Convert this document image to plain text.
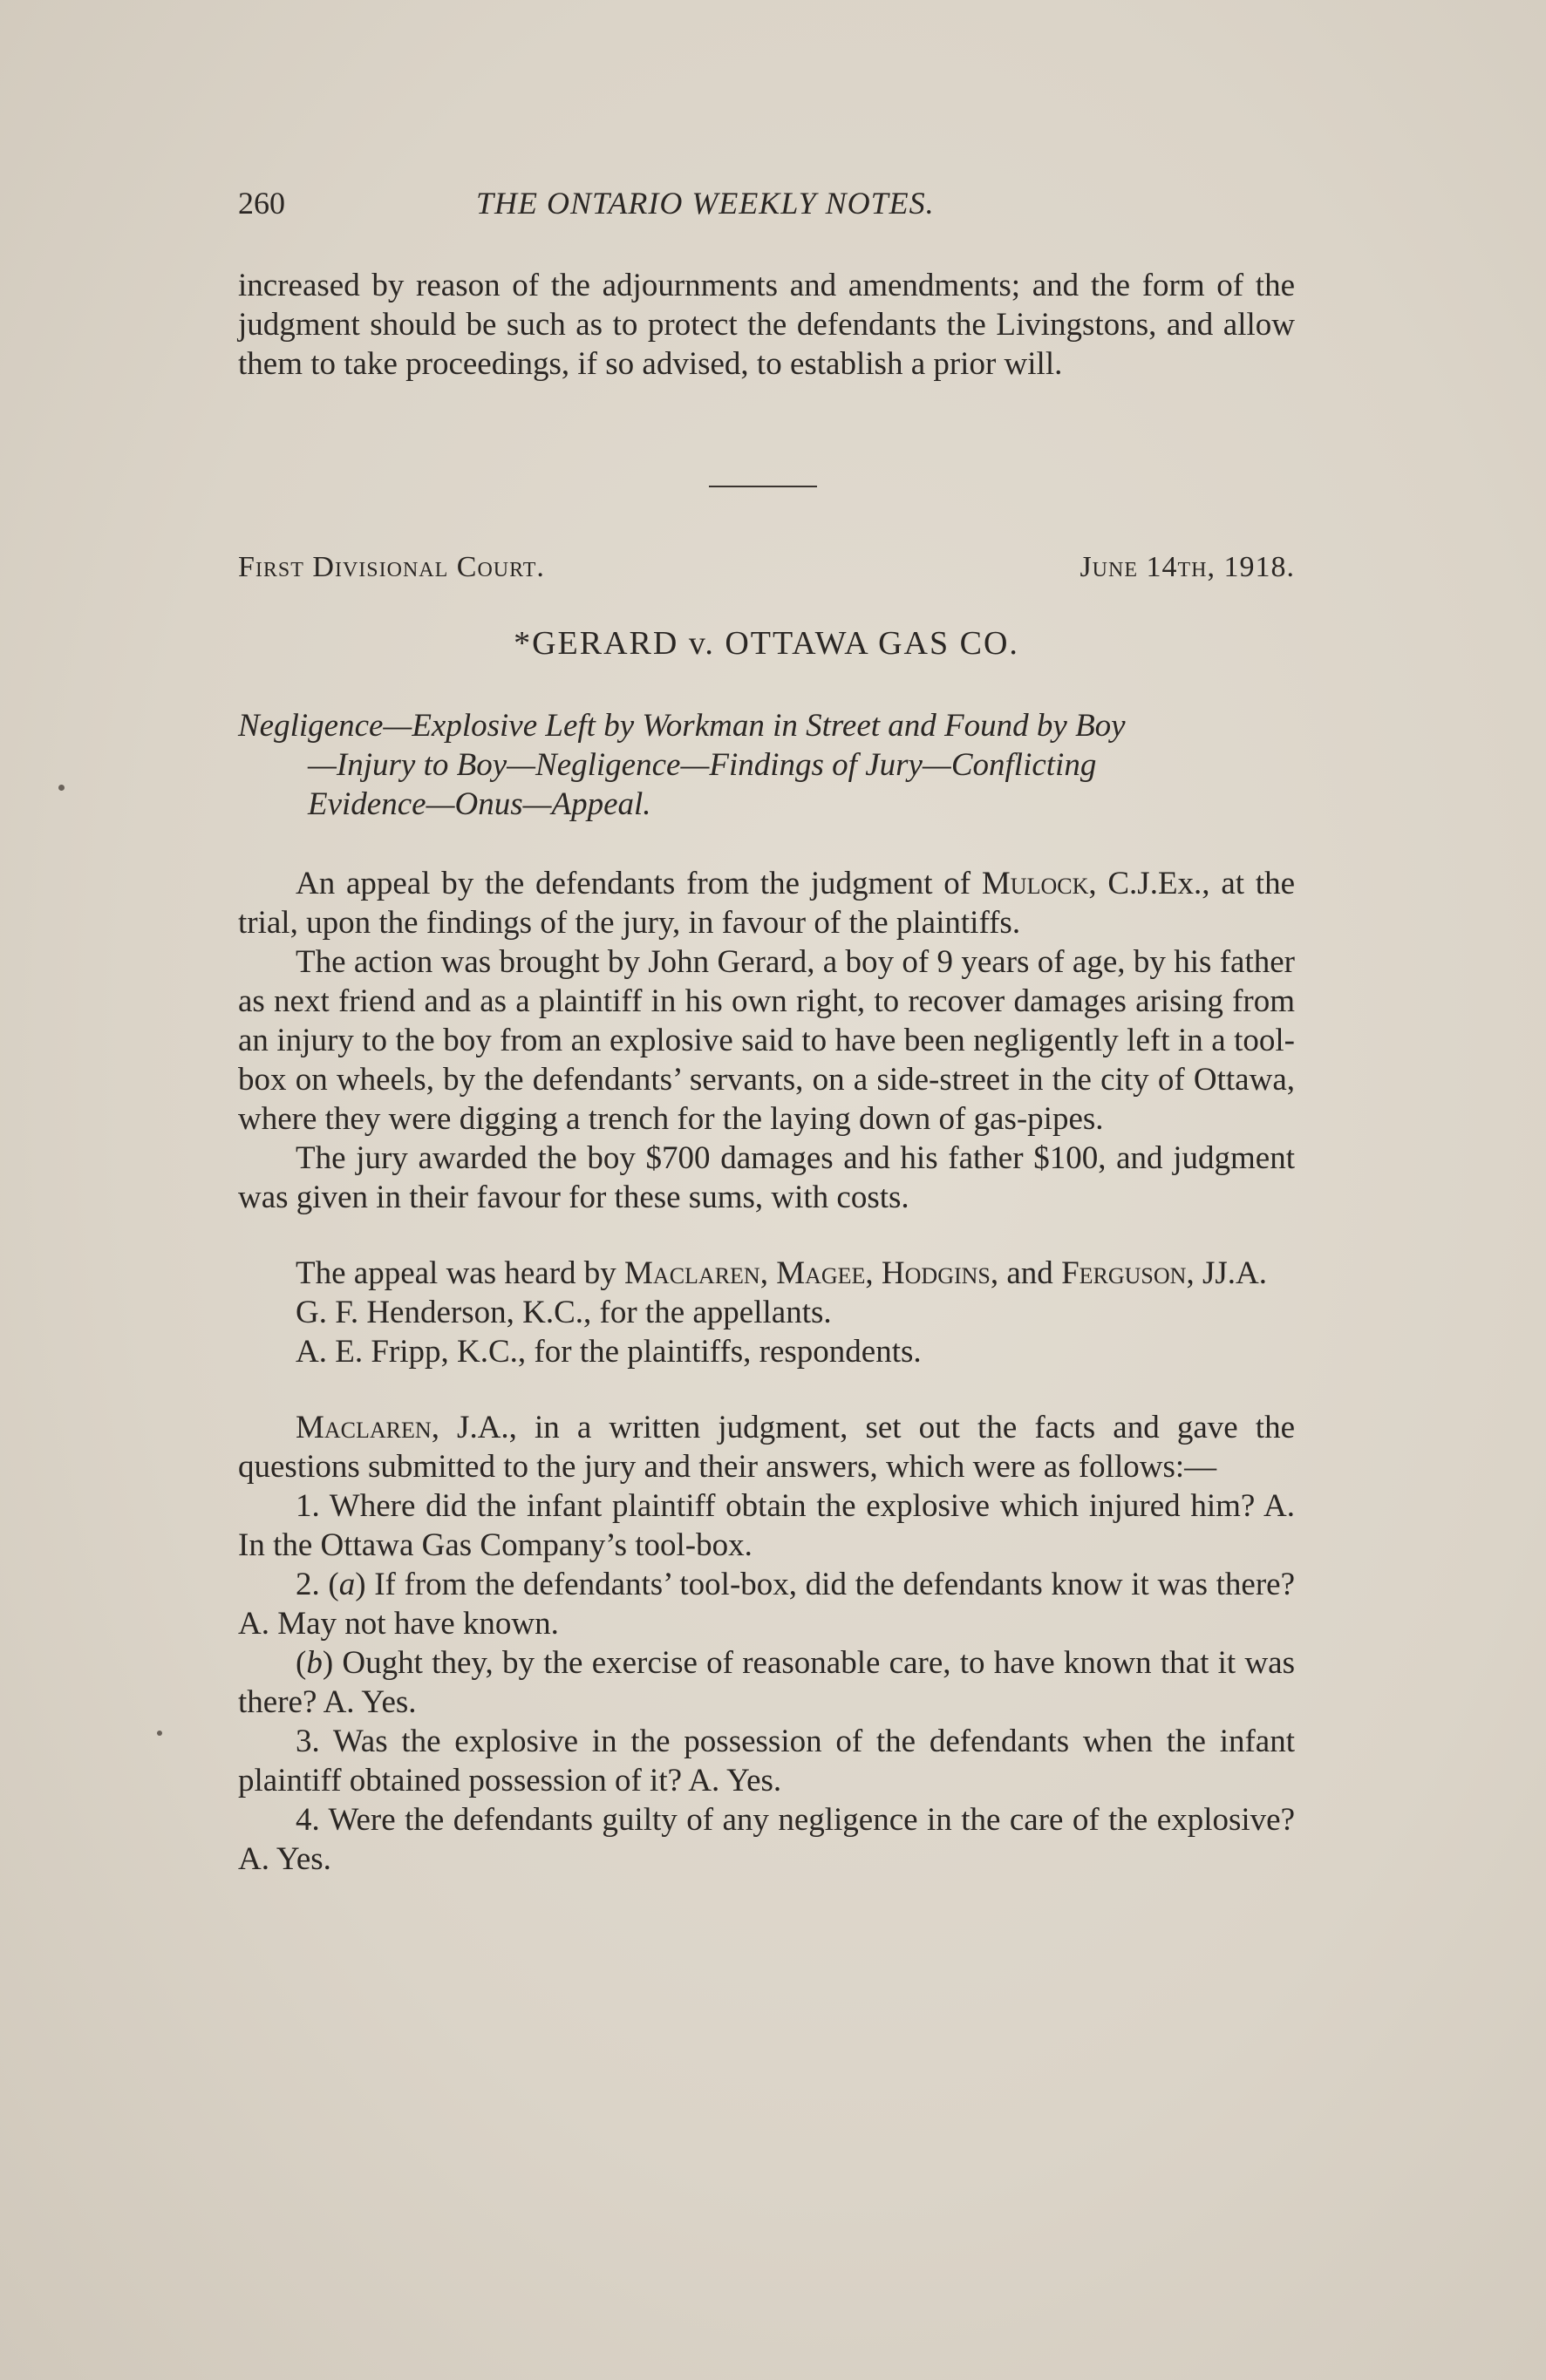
260	THE ONTARIO WEEKLY NOTES.

increased by reason of the adjournments and amendments; and the form of the judgment should be such as to protect the defendants the Livingstons, and allow them to take proceedings, if so advised, to establish a prior will.

First Divisional Court.	June 14th, 1918.
*GERARD v. OTTAWA GAS CO.
Negligence—Explosive Left by Workman in Street and Found by Boy
—Injury to Boy—Negligence—Findings of Jury—Conflicting
Evidence—Onus—Appeal.

An appeal by the defendants from the judgment of Mulock, C.J.Ex., at the trial, upon the findings of the jury, in favour of the plaintiffs.

The action was brought by John Gerard, a boy of 9 years of age, by his father as next friend and as a plaintiff in his own right, to recover damages arising from an injury to the boy from an explosive said to have been negligently left in a tool-box on wheels, by the defendants’ servants, on a side-street in the city of Ottawa, where they were digging a trench for the laying down of gas-pipes.

The jury awarded the boy $700 damages and his father $100, and judgment was given in their favour for these sums, with costs.

The appeal was heard by Maclaren, Magee, Hodgins, and Ferguson, JJ.A.

G. F. Henderson, K.C., for the appellants.

A. E. Fripp, K.C., for the plaintiffs, respondents.

Maclaren, J.A., in a written judgment, set out the facts and gave the questions submitted to the jury and their answers, which were as follows:—

1. Where did the infant plaintiff obtain the explosive which injured him? A. In the Ottawa Gas Company’s tool-box.

2. (a) If from the defendants’ tool-box, did the defendants know it was there? A. May not have known.

(b) Ought they, by the exercise of reasonable care, to have known that it was there? A. Yes.

3. Was the explosive in the possession of the defendants when the infant plaintiff obtained possession of it? A. Yes.

4. Were the defendants guilty of any negligence in the care of the explosive? A. Yes.
